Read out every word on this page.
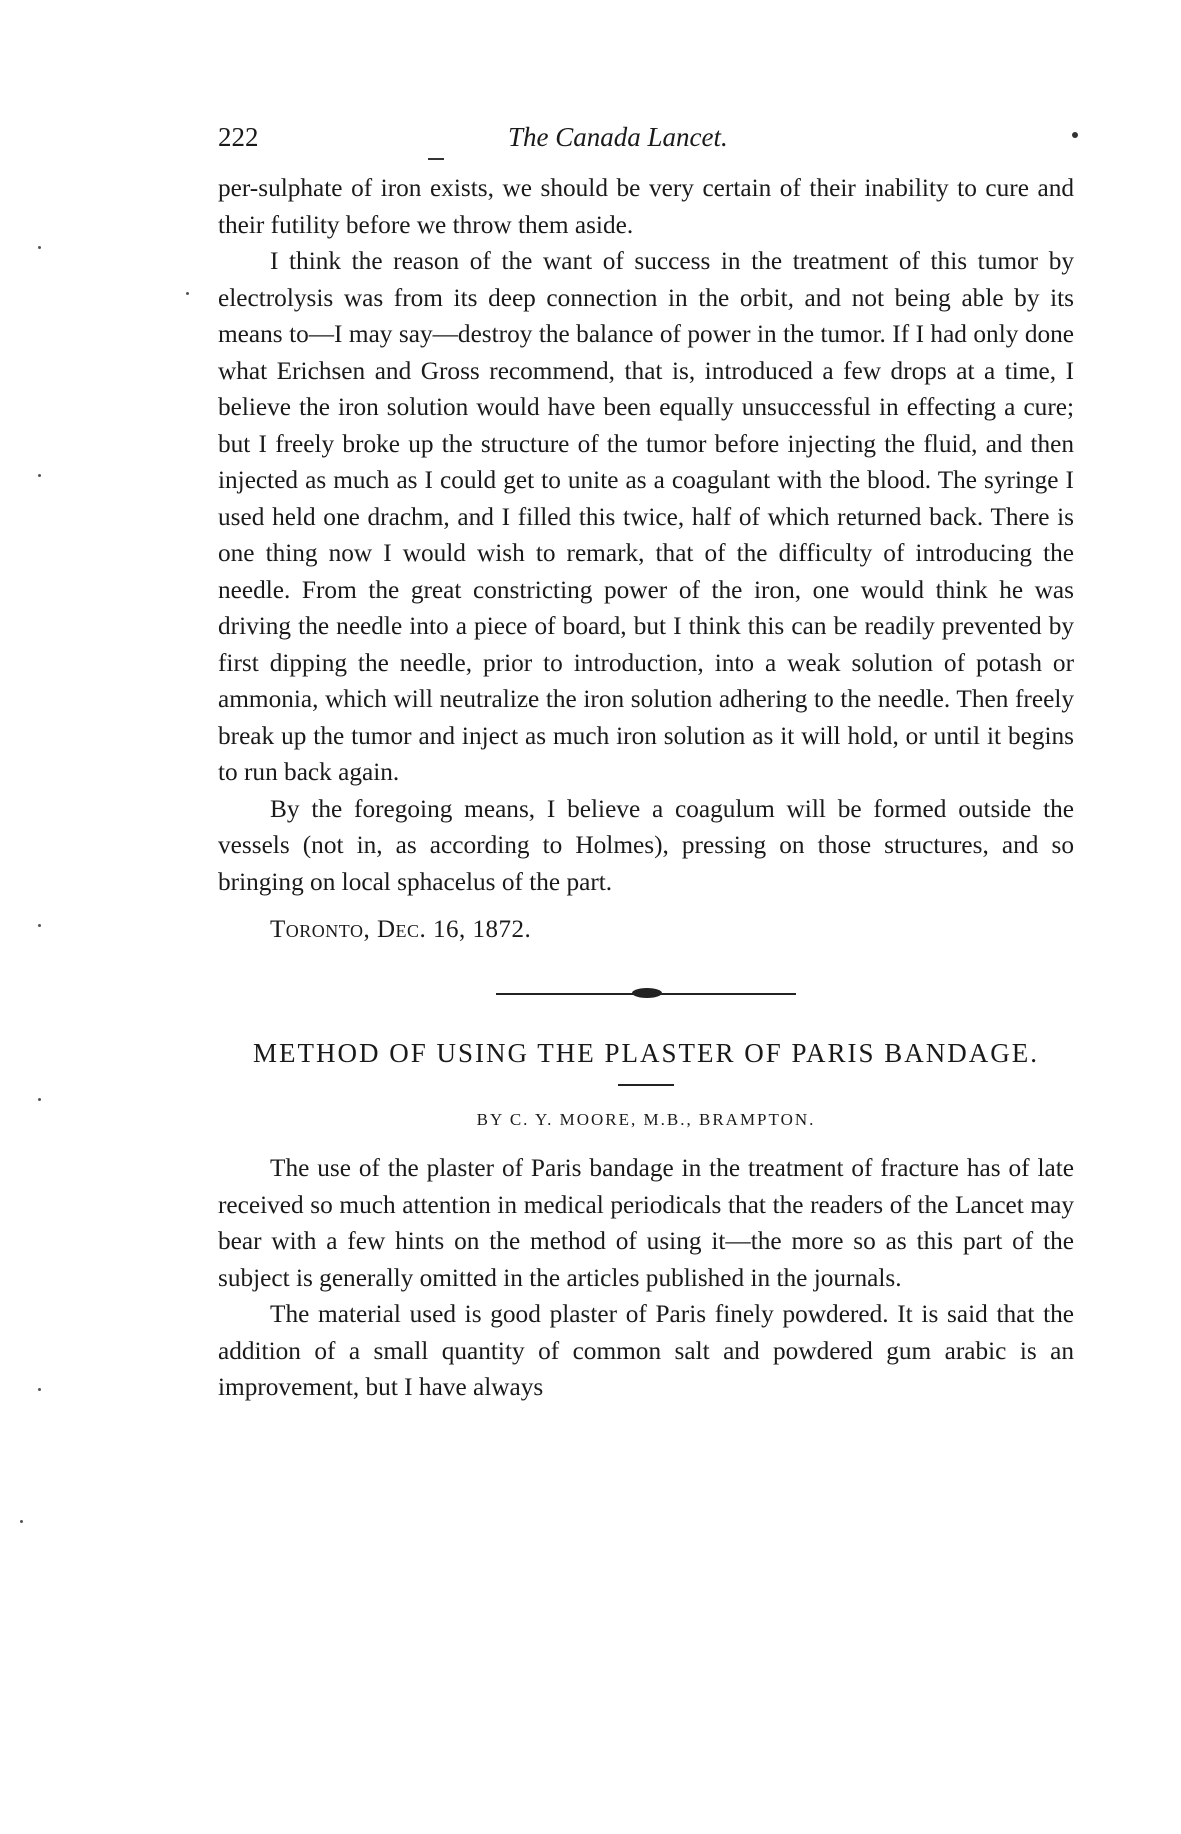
222	The Canada Lancet.

per-sulphate of iron exists, we should be very certain of their inability to cure and their futility before we throw them aside.

I think the reason of the want of success in the treatment of this tumor by electrolysis was from its deep connection in the orbit, and not being able by its means to—I may say—destroy the balance of power in the tumor. If I had only done what Erichsen and Gross recommend, that is, introduced a few drops at a time, I believe the iron solution would have been equally unsuccessful in effecting a cure; but I freely broke up the structure of the tumor before injecting the fluid, and then injected as much as I could get to unite as a coagulant with the blood. The syringe I used held one drachm, and I filled this twice, half of which returned back. There is one thing now I would wish to remark, that of the difficulty of introducing the needle. From the great constricting power of the iron, one would think he was driving the needle into a piece of board, but I think this can be readily prevented by first dipping the needle, prior to introduction, into a weak solution of potash or ammonia, which will neutralize the iron solution adhering to the needle. Then freely break up the tumor and inject as much iron solution as it will hold, or until it begins to run back again.

By the foregoing means, I believe a coagulum will be formed outside the vessels (not in, as according to Holmes), pressing on those structures, and so bringing on local sphacelus of the part.

Toronto, Dec. 16, 1872.
METHOD OF USING THE PLASTER OF PARIS BANDAGE.
BY C. Y. MOORE, M.B., BRAMPTON.

The use of the plaster of Paris bandage in the treatment of fracture has of late received so much attention in medical periodicals that the readers of the Lancet may bear with a few hints on the method of using it—the more so as this part of the subject is generally omitted in the articles published in the journals.

The material used is good plaster of Paris finely powdered. It is said that the addition of a small quantity of common salt and powdered gum arabic is an improvement, but I have always
